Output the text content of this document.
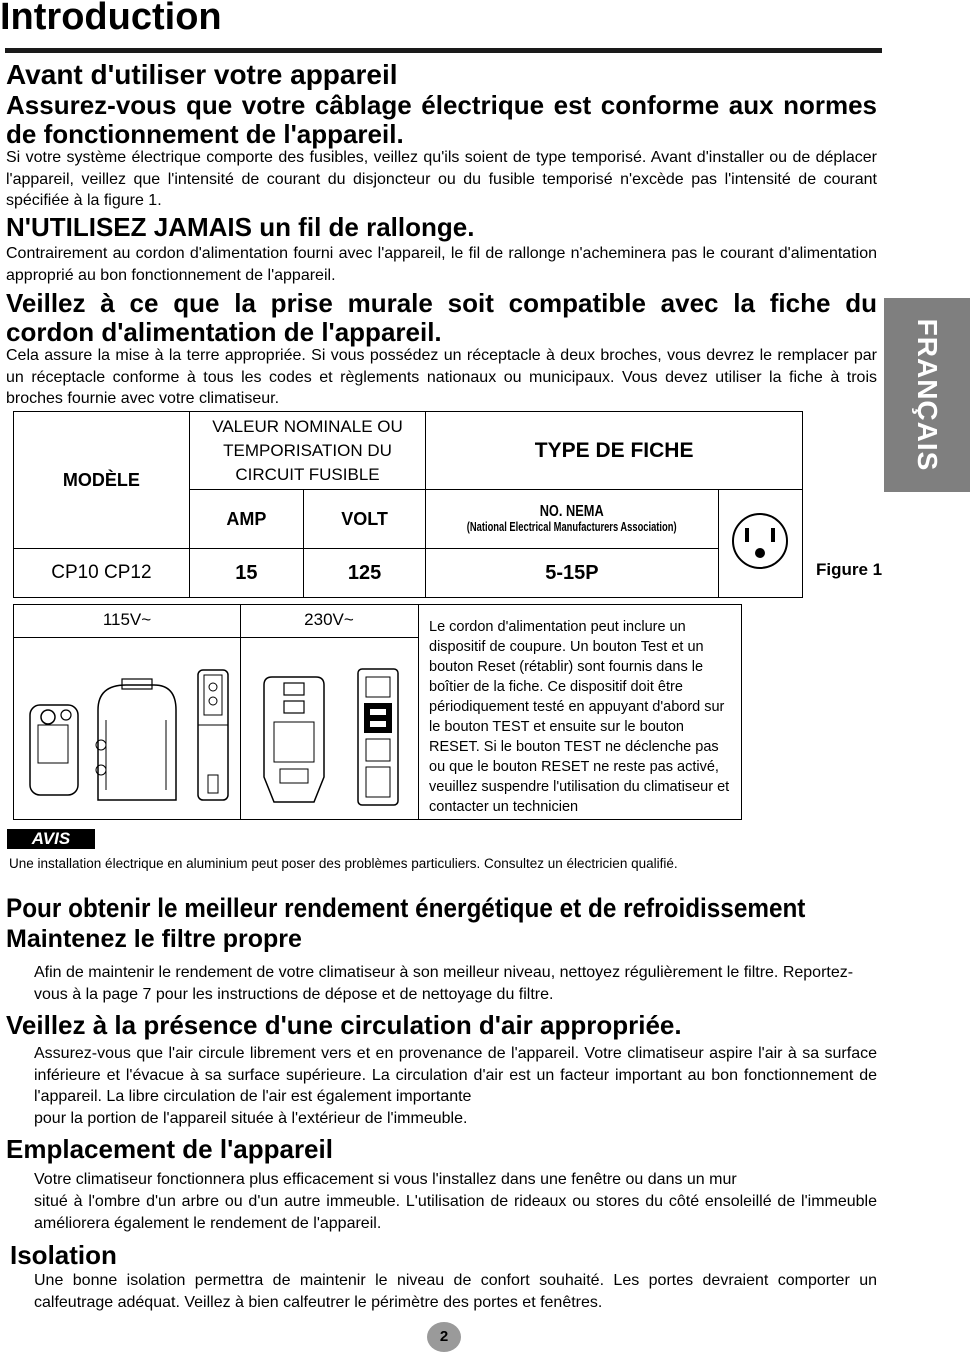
Introduction
FRANÇAIS
Avant d'utiliser votre appareil
Assurez-vous que votre câblage électrique est conforme aux normes de fonctionnement de l'appareil.
Si votre système électrique comporte des fusibles, veillez qu'ils soient de type temporisé. Avant d'installer ou de déplacer l'appareil, veillez que l'intensité de courant du disjoncteur ou du fusible temporisé n'excède pas l'intensité de courant spécifiée à la figure 1.
N'UTILISEZ JAMAIS un fil de rallonge.
Contrairement au cordon d'alimentation fourni avec l'appareil, le fil de rallonge n'acheminera pas le courant d'alimentation approprié au bon fonctionnement de l'appareil.
Veillez à ce que la prise murale soit compatible avec la fiche du cordon d'alimentation de l'appareil.
Cela assure la mise à la terre appropriée. Si vous possédez un réceptacle à deux broches, vous devrez le remplacer par un réceptacle conforme à tous les codes et règlements nationaux ou municipaux. Vous devez utiliser la fiche à trois broches fournie avec votre climatiseur.
MODÈLE	VALEUR NOMINALE OU TEMPORISATION DU CIRCUIT FUSIBLE		TYPE DE FICHE	
	AMP	VOLT	NO. NEMA
(National Electrical Manufacturers Association)

CP10 CP12	15	125	5-15P		Figure 1
115V~	230V~	Le cordon d'alimentation peut inclure un dispositif de coupure. Un bouton Test et un bouton Reset (rétablir) sont fournis dans le boîtier de la fiche. Ce dispositif doit être périodiquement testé en appuyant d'abord sur le bouton TEST et ensuite sur le bouton RESET. Si le bouton TEST ne déclenche pas ou que le bouton RESET ne reste pas activé, veuillez suspendre l'utilisation du climatiseur et contacter un technicien
AVIS
Une installation électrique en aluminium peut poser des problèmes particuliers. Consultez un électricien qualifié.
Pour obtenir le meilleur rendement énergétique et de refroidissement
Maintenez le filtre propre
Afin de maintenir le rendement de votre climatiseur à son meilleur niveau, nettoyez régulièrement le filtre. Reportez-vous à la page 7 pour les instructions de dépose et de nettoyage du filtre.
Veillez à la présence d'une circulation d'air appropriée.
Assurez-vous que l'air circule librement vers et en provenance de l'appareil. Votre climatiseur aspire l'air à sa surface inférieure et l'évacue à sa surface supérieure. La circulation d'air est un facteur important au bon fonctionnement de l'appareil. La libre circulation de l'air est également importante
pour la portion de l'appareil située à l'extérieur de l'immeuble.
Emplacement de l'appareil
Votre climatiseur fonctionnera plus efficacement si vous l'installez dans une fenêtre ou dans un mur
situé à l'ombre d'un arbre ou d'un autre immeuble. L'utilisation de rideaux ou stores du côté ensoleillé de l'immeuble améliorera également le rendement de l'appareil.
Isolation
Une bonne isolation permettra de maintenir le niveau de confort souhaité. Les portes devraient comporter un calfeutrage adéquat. Veillez à bien calfeutrer le périmètre des portes et fenêtres.
2
